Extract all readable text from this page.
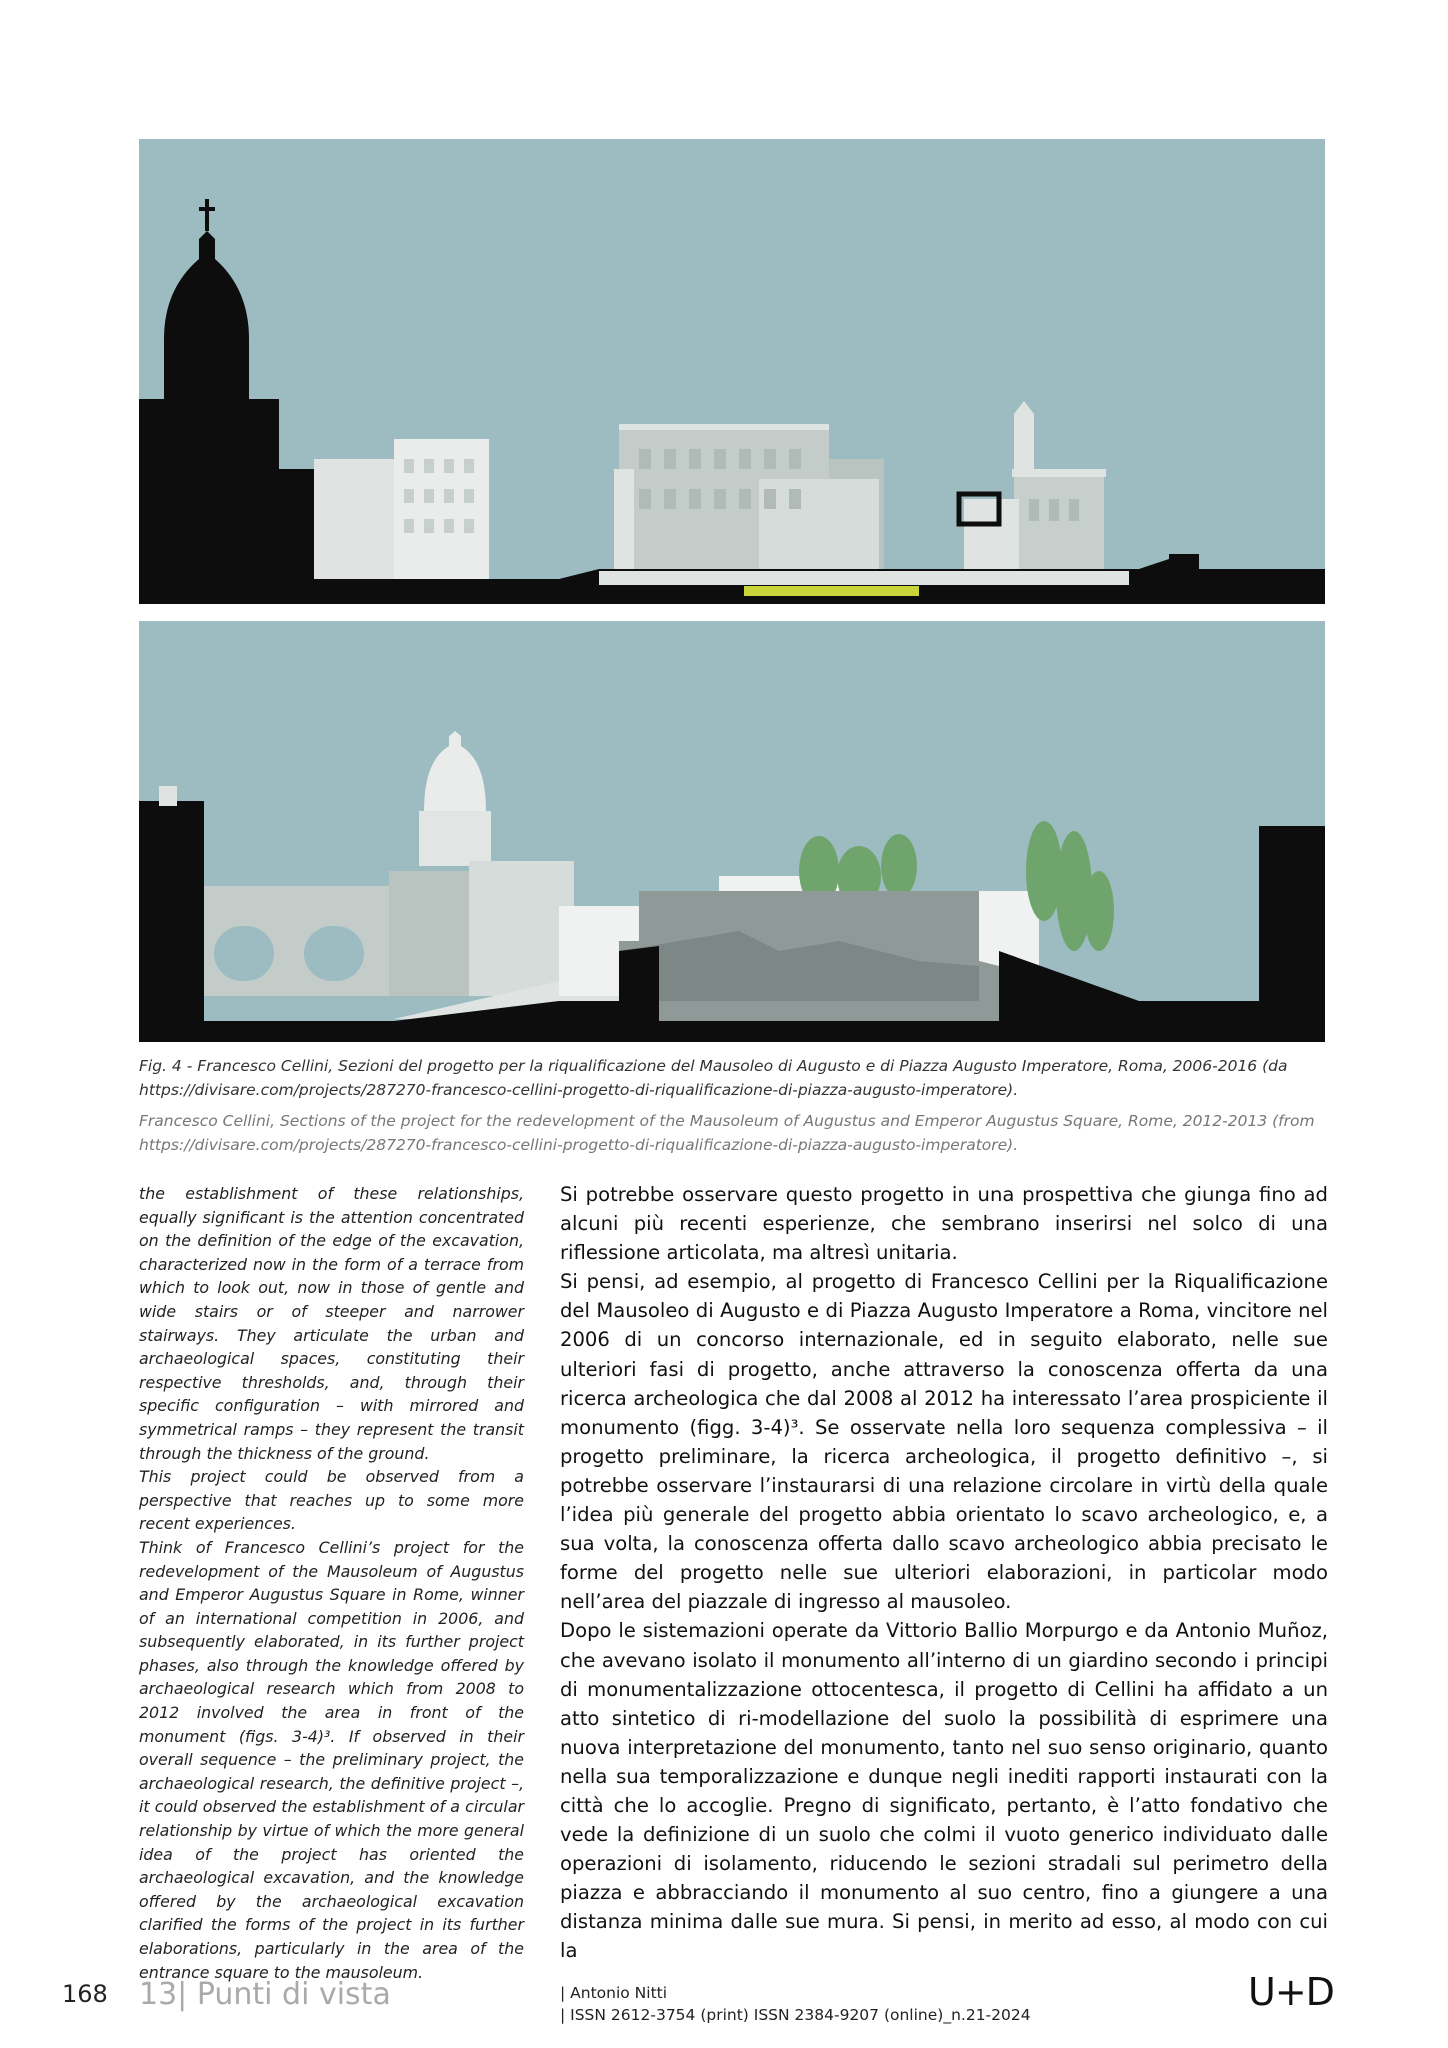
Fig. 4 - Francesco Cellini, Sezioni del progetto per la riqualificazione del Mausoleo di Augusto e di Piazza Augusto Imperatore, Roma, 2006-2016 (da https://divisare.com/projects/287270-francesco-cellini-progetto-di-riqualificazione-di-piazza-augusto-imperatore).
Francesco Cellini, Sections of the project for the redevelopment of the Mausoleum of Augustus and Emperor Augustus Square, Rome, 2012-2013 (from https://divisare.com/projects/287270-francesco-cellini-progetto-di-riqualificazione-di-piazza-augusto-imperatore).

the establishment of these relationships, equally significant is the attention concentrated on the definition of the edge of the excavation, characterized now in the form of a terrace from which to look out, now in those of gentle and wide stairs or of steeper and narrower stairways. They articulate the urban and archaeological spaces, constituting their respective thresholds, and, through their specific configuration – with mirrored and symmetrical ramps – they represent the transit through the thickness of the ground.

This project could be observed from a perspective that reaches up to some more recent experiences.

Think of Francesco Cellini’s project for the redevelopment of the Mausoleum of Augustus and Emperor Augustus Square in Rome, winner of an international competition in 2006, and subsequently elaborated, in its further project phases, also through the knowledge offered by archaeological research which from 2008 to 2012 involved the area in front of the monument (figs. 3-4)³. If observed in their overall sequence – the preliminary project, the archaeological research, the definitive project –, it could observed the establishment of a circular relationship by virtue of which the more general idea of the project has oriented the archaeological excavation, and the knowledge offered by the archaeological excavation clarified the forms of the project in its further elaborations, particularly in the area of the entrance square to the mausoleum.

Si potrebbe osservare questo progetto in una prospettiva che giunga fino ad alcuni più recenti esperienze, che sembrano inserirsi nel solco di una riflessione articolata, ma altresì unitaria.

Si pensi, ad esempio, al progetto di Francesco Cellini per la Riqualificazione del Mausoleo di Augusto e di Piazza Augusto Imperatore a Roma, vincitore nel 2006 di un concorso internazionale, ed in seguito elaborato, nelle sue ulteriori fasi di progetto, anche attraverso la conoscenza offerta da una ricerca archeologica che dal 2008 al 2012 ha interessato l’area prospiciente il monumento (figg. 3-4)³. Se osservate nella loro sequenza complessiva – il progetto preliminare, la ricerca archeologica, il progetto definitivo –, si potrebbe osservare l’instaurarsi di una relazione circolare in virtù della quale l’idea più generale del progetto abbia orientato lo scavo archeologico, e, a sua volta, la conoscenza offerta dallo scavo archeologico abbia precisato le forme del progetto nelle sue ulteriori elaborazioni, in particolar modo nell’area del piazzale di ingresso al mausoleo.

Dopo le sistemazioni operate da Vittorio Ballio Morpurgo e da Antonio Muñoz, che avevano isolato il monumento all’interno di un giardino secondo i principi di monumentalizzazione ottocentesca, il progetto di Cellini ha affidato a un atto sintetico di ri-modellazione del suolo la possibilità di esprimere una nuova interpretazione del monumento, tanto nel suo senso originario, quanto nella sua temporalizzazione e dunque negli inediti rapporti instaurati con la città che lo accoglie. Pregno di significato, pertanto, è l’atto fondativo che vede la definizione di un suolo che colmi il vuoto generico individuato dalle operazioni di isolamento, riducendo le sezioni stradali sul perimetro della piazza e abbracciando il monumento al suo centro, fino a giungere a una distanza minima dalle sue mura. Si pensi, in merito ad esso, al modo con cui la

168 13| Punti di vista	| Antonio Nitti
| ISSN 2612-3754 (print) ISSN 2384-9207 (online)_n.21-2024
U+D
